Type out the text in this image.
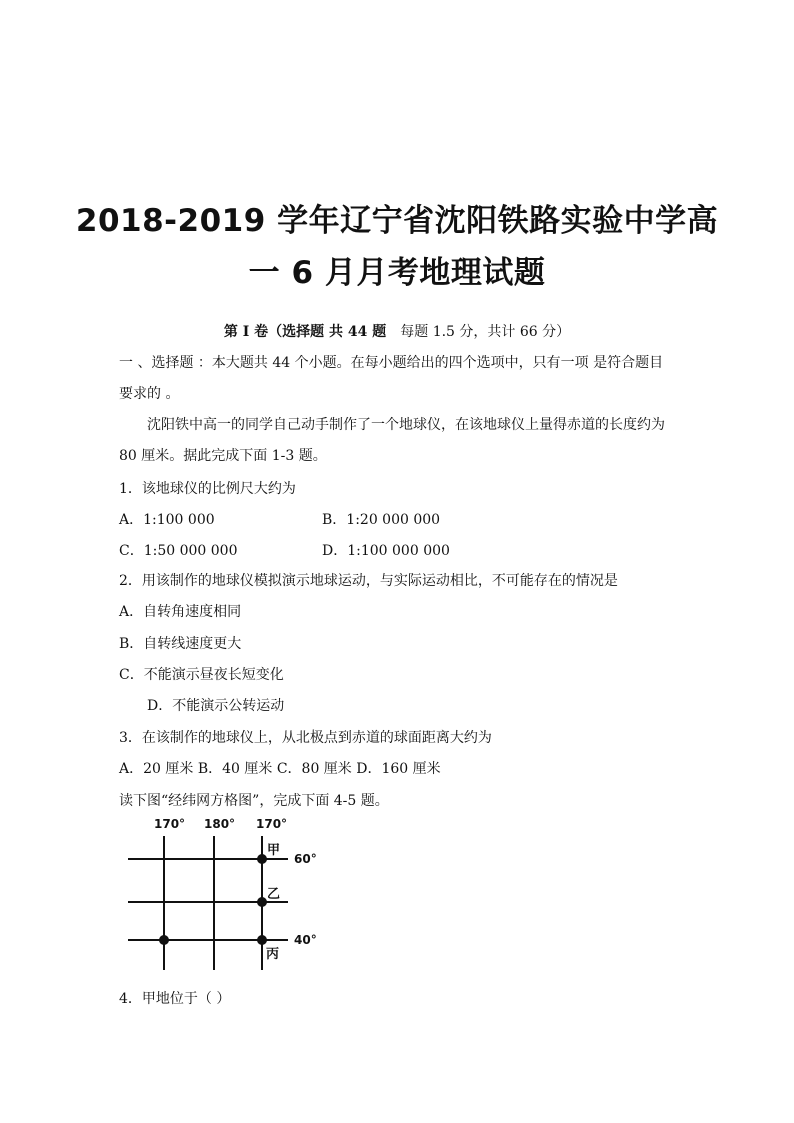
2018-2019 学年辽宁省沈阳铁路实验中学高
一 6 月月考地理试题
第 I 卷（选择题 共 44 题 每题 1.5 分，共计 66 分）
一 、选择题 ：本大题共 44 个小题。在每小题给出的四个选项中，只有一项 是符合题目
要求的 。
沈阳铁中高一的同学自己动手制作了一个地球仪，在该地球仪上量得赤道的长度约为
80 厘米。据此完成下面 1-3 题。
1．该地球仪的比例尺大约为
A．1:100 000	B．1:20 000 000
C．1:50 000 000	D．1:100 000 000
2．用该制作的地球仪模拟演示地球运动，与实际运动相比，不可能存在的情况是
A．自转角速度相同
B．自转线速度更大
C．不能演示昼夜长短变化
D．不能演示公转运动
3．在该制作的地球仪上，从北极点到赤道的球面距离大约为
A．20 厘米 B．40 厘米 C．80 厘米 D．160 厘米
读下图“经纬网方格图”，完成下面 4-5 题。
170° 180° 170°
60°
40°
甲
乙
丙
4．甲地位于（ ）
